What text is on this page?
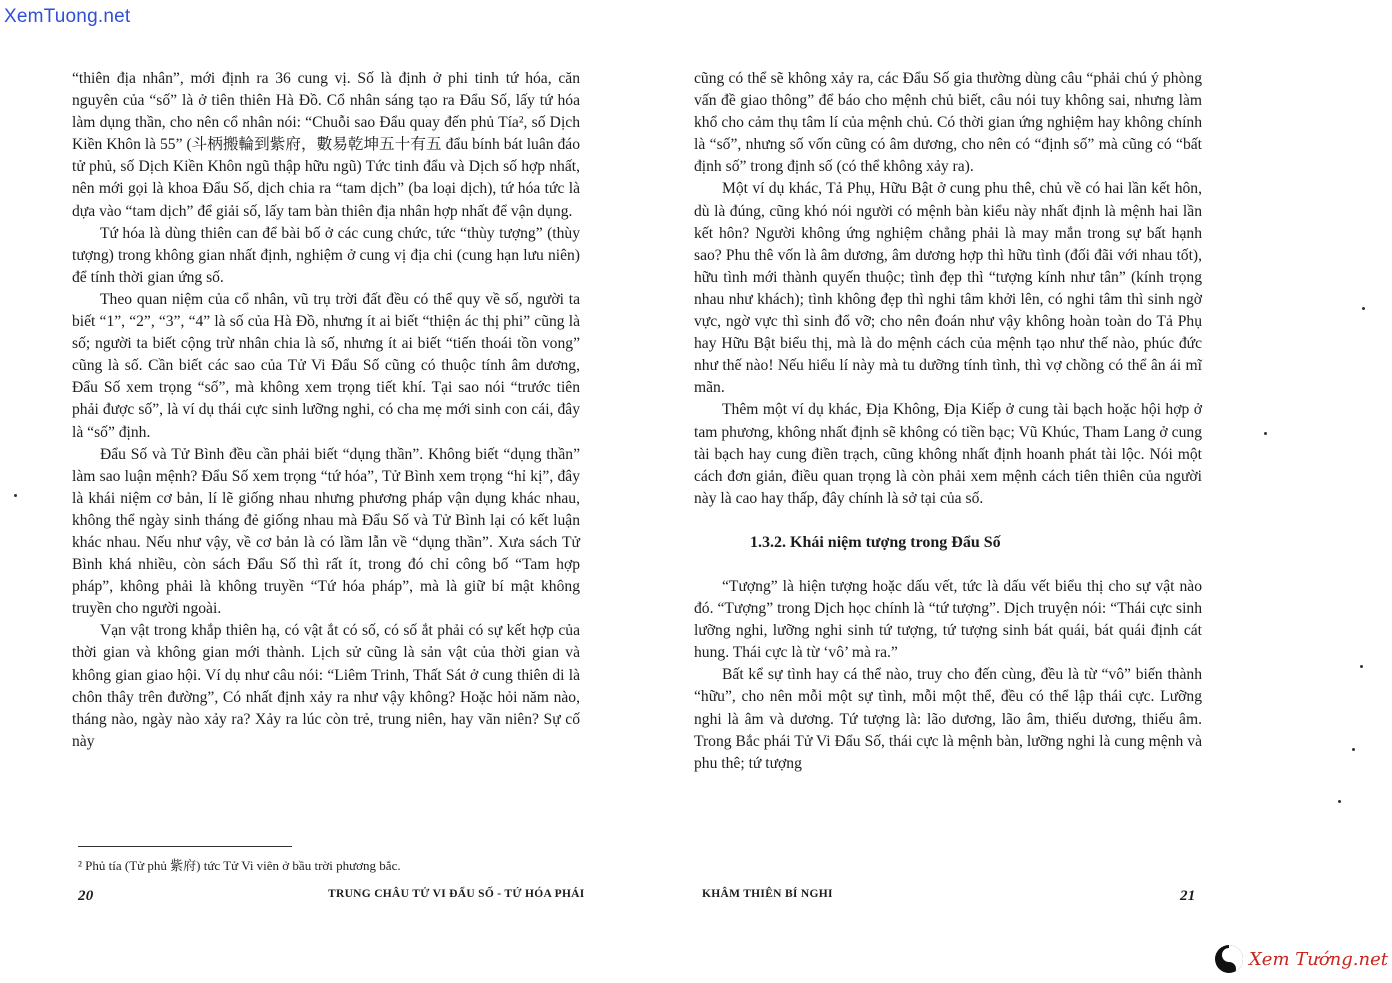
XemTuong.net

“thiên địa nhân”, mới định ra 36 cung vị. Số là định ở phi tinh tứ hóa, căn nguyên của “số” là ở tiên thiên Hà Đồ. Cổ nhân sáng tạo ra Đẩu Số, lấy tứ hóa làm dụng thần, cho nên cổ nhân nói: “Chuỗi sao Đẩu quay đến phủ Tía², số Dịch Kiền Khôn là 55” (斗柄搬輪到紫府，數易乾坤五十有五 đẩu bính bát luân đáo tử phủ, số Dịch Kiền Khôn ngũ thập hữu ngũ) Tức tinh đẩu và Dịch số hợp nhất, nên mới gọi là khoa Đẩu Số, dịch chia ra “tam dịch” (ba loại dịch), tứ hóa tức là dựa vào “tam dịch” để giải số, lấy tam bàn thiên địa nhân hợp nhất để vận dụng.

Tứ hóa là dùng thiên can để bài bố ở các cung chức, tức “thùy tượng” (thùy tượng) trong không gian nhất định, nghiệm ở cung vị địa chi (cung hạn lưu niên) để tính thời gian ứng số.

Theo quan niệm của cổ nhân, vũ trụ trời đất đều có thể quy về số, người ta biết “1”, “2”, “3”, “4” là số của Hà Đồ, nhưng ít ai biết “thiện ác thị phi” cũng là số; người ta biết cộng trừ nhân chia là số, nhưng ít ai biết “tiến thoái tồn vong” cũng là số. Cần biết các sao của Tử Vi Đẩu Số cũng có thuộc tính âm dương, Đẩu Số xem trọng “số”, mà không xem trọng tiết khí. Tại sao nói “trước tiên phải được số”, là ví dụ thái cực sinh lưỡng nghi, có cha mẹ mới sinh con cái, đây là “số” định.

Đẩu Số và Tử Bình đều cần phải biết “dụng thần”. Không biết “dụng thần” làm sao luận mệnh? Đẩu Số xem trọng “tứ hóa”, Tử Bình xem trọng “hỉ kị”, đây là khái niệm cơ bản, lí lẽ giống nhau nhưng phương pháp vận dụng khác nhau, không thể ngày sinh tháng đẻ giống nhau mà Đẩu Số và Tử Bình lại có kết luận khác nhau. Nếu như vậy, về cơ bản là có lầm lẫn về “dụng thần”. Xưa sách Tử Bình khá nhiều, còn sách Đẩu Số thì rất ít, trong đó chỉ công bố “Tam hợp pháp”, không phải là không truyền “Tứ hóa pháp”, mà là giữ bí mật không truyền cho người ngoài.

Vạn vật trong khắp thiên hạ, có vật ắt có số, có số ắt phải có sự kết hợp của thời gian và không gian mới thành. Lịch sử cũng là sản vật của thời gian và không gian giao hội. Ví dụ như câu nói: “Liêm Trinh, Thất Sát ở cung thiên di là chôn thây trên đường”, Có nhất định xảy ra như vậy không? Hoặc hỏi năm nào, tháng nào, ngày nào xảy ra? Xảy ra lúc còn trẻ, trung niên, hay vãn niên? Sự cố này

² Phủ tía (Tử phủ 紫府) tức Tử Vi viên ở bầu trời phương bắc.
20	TRUNG CHÂU TỬ VI ĐẨU SỐ - TỨ HÓA PHÁI

cũng có thể sẽ không xảy ra, các Đẩu Số gia thường dùng câu “phải chú ý phòng vấn đề giao thông” để báo cho mệnh chủ biết, câu nói tuy không sai, nhưng làm khổ cho cảm thụ tâm lí của mệnh chủ. Có thời gian ứng nghiệm hay không chính là “số”, nhưng số vốn cũng có âm dương, cho nên có “định số” mà cũng có “bất định số” trong định số (có thể không xảy ra).

Một ví dụ khác, Tả Phụ, Hữu Bật ở cung phu thê, chủ về có hai lần kết hôn, dù là đúng, cũng khó nói người có mệnh bàn kiểu này nhất định là mệnh hai lần kết hôn? Người không ứng nghiệm chẳng phải là may mắn trong sự bất hạnh sao? Phu thê vốn là âm dương, âm dương hợp thì hữu tình (đối đãi với nhau tốt), hữu tình mới thành quyến thuộc; tình đẹp thì “tượng kính như tân” (kính trọng nhau như khách); tình không đẹp thì nghi tâm khởi lên, có nghi tâm thì sinh ngờ vực, ngờ vực thì sinh đổ vỡ; cho nên đoán như vậy không hoàn toàn do Tả Phụ hay Hữu Bật biểu thị, mà là do mệnh cách của mệnh tạo như thế nào, phúc đức như thế nào! Nếu hiểu lí này mà tu dưỡng tính tình, thì vợ chồng có thể ân ái mĩ mãn.

Thêm một ví dụ khác, Địa Không, Địa Kiếp ở cung tài bạch hoặc hội hợp ở tam phương, không nhất định sẽ không có tiền bạc; Vũ Khúc, Tham Lang ở cung tài bạch hay cung điền trạch, cũng không nhất định hoanh phát tài lộc. Nói một cách đơn giản, điều quan trọng là còn phải xem mệnh cách tiên thiên của người này là cao hay thấp, đây chính là sở tại của số.

1.3.2. Khái niệm tượng trong Đẩu Số

“Tượng” là hiện tượng hoặc dấu vết, tức là dấu vết biểu thị cho sự vật nào đó. “Tượng” trong Dịch học chính là “tứ tượng”. Dịch truyện nói: “Thái cực sinh lưỡng nghi, lưỡng nghi sinh tứ tượng, tứ tượng sinh bát quái, bát quái định cát hung. Thái cực là từ ‘vô’ mà ra.”

Bất kể sự tình hay cá thể nào, truy cho đến cùng, đều là từ “vô” biến thành “hữu”, cho nên mỗi một sự tình, mỗi một thể, đều có thể lập thái cực. Lưỡng nghi là âm và dương. Tứ tượng là: lão dương, lão âm, thiếu dương, thiếu âm. Trong Bắc phái Tử Vi Đẩu Số, thái cực là mệnh bàn, lưỡng nghi là cung mệnh và phu thê; tứ tượng

KHÂM THIÊN BÍ NGHI	21
Xem Tướng.net
